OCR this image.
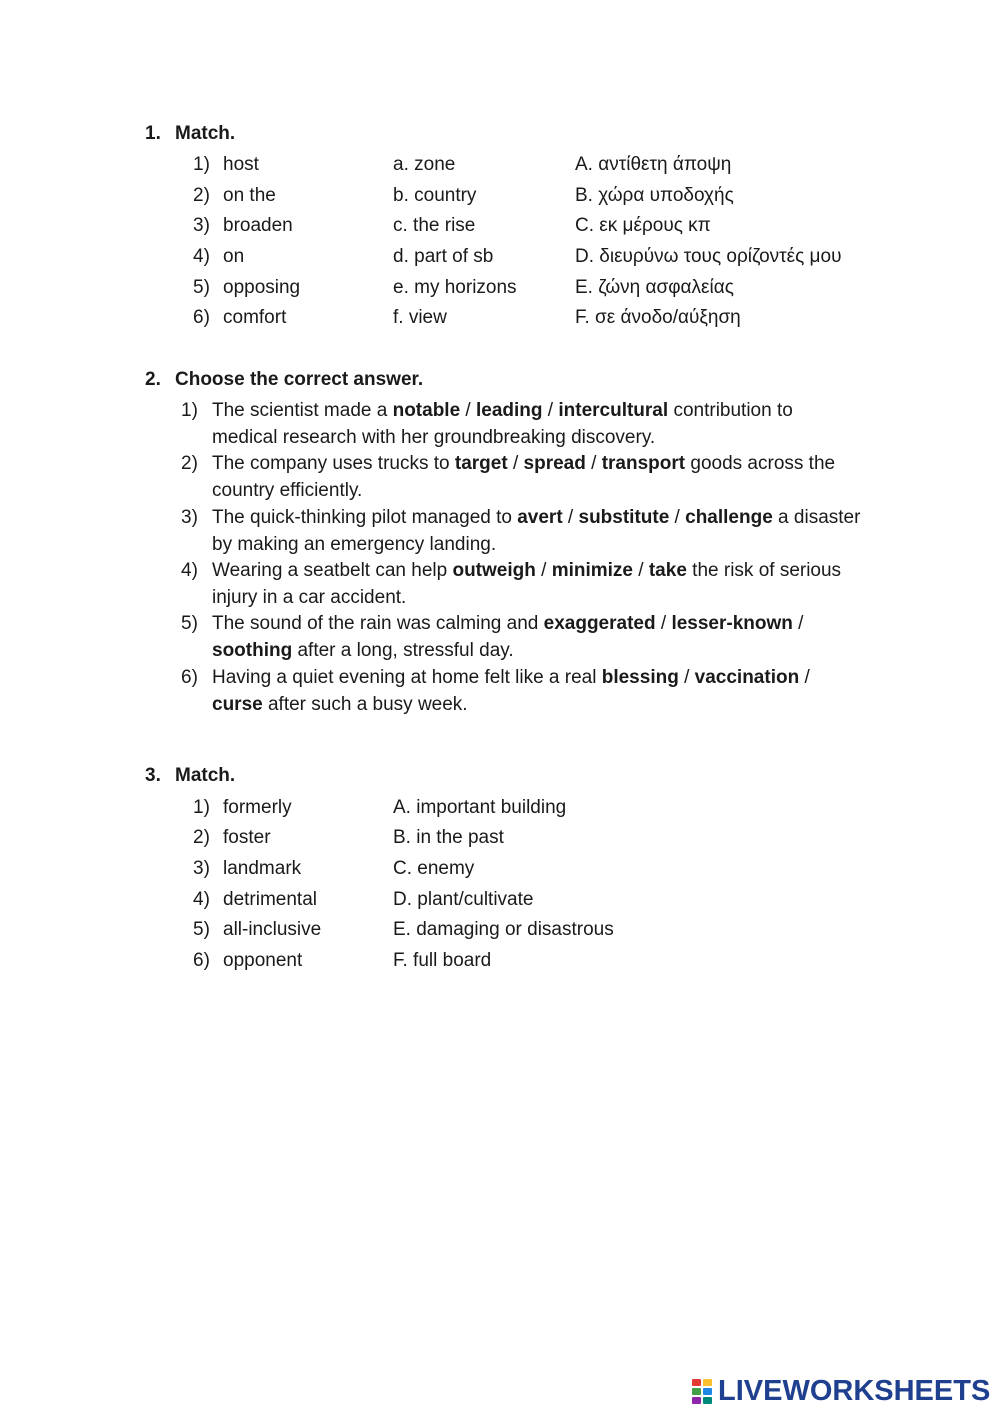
1. Match.
1) host	a. zone	A. αντίθετη άποψη
2) on the	b. country	B. χώρα υποδοχής
3) broaden	c. the rise	C. εκ μέρους κπ
4) on	d. part of sb	D. διευρύνω τους ορίζοντές μου
5) opposing	e. my horizons	E. ζώνη ασφαλείας
6) comfort	f. view	F. σε άνοδο/αύξηση
2. Choose the correct answer.
1) The scientist made a notable / leading / intercultural contribution to medical research with her groundbreaking discovery.
2) The company uses trucks to target / spread / transport goods across the country efficiently.
3) The quick-thinking pilot managed to avert / substitute / challenge a disaster by making an emergency landing.
4) Wearing a seatbelt can help outweigh / minimize / take the risk of serious injury in a car accident.
5) The sound of the rain was calming and exaggerated / lesser-known / soothing after a long, stressful day.
6) Having a quiet evening at home felt like a real blessing / vaccination / curse after such a busy week.
3. Match.
1) formerly	A. important building
2) foster	B. in the past
3) landmark	C. enemy
4) detrimental	D. plant/cultivate
5) all-inclusive	E. damaging or disastrous
6) opponent	F. full board
LIVEWORKSHEETS
